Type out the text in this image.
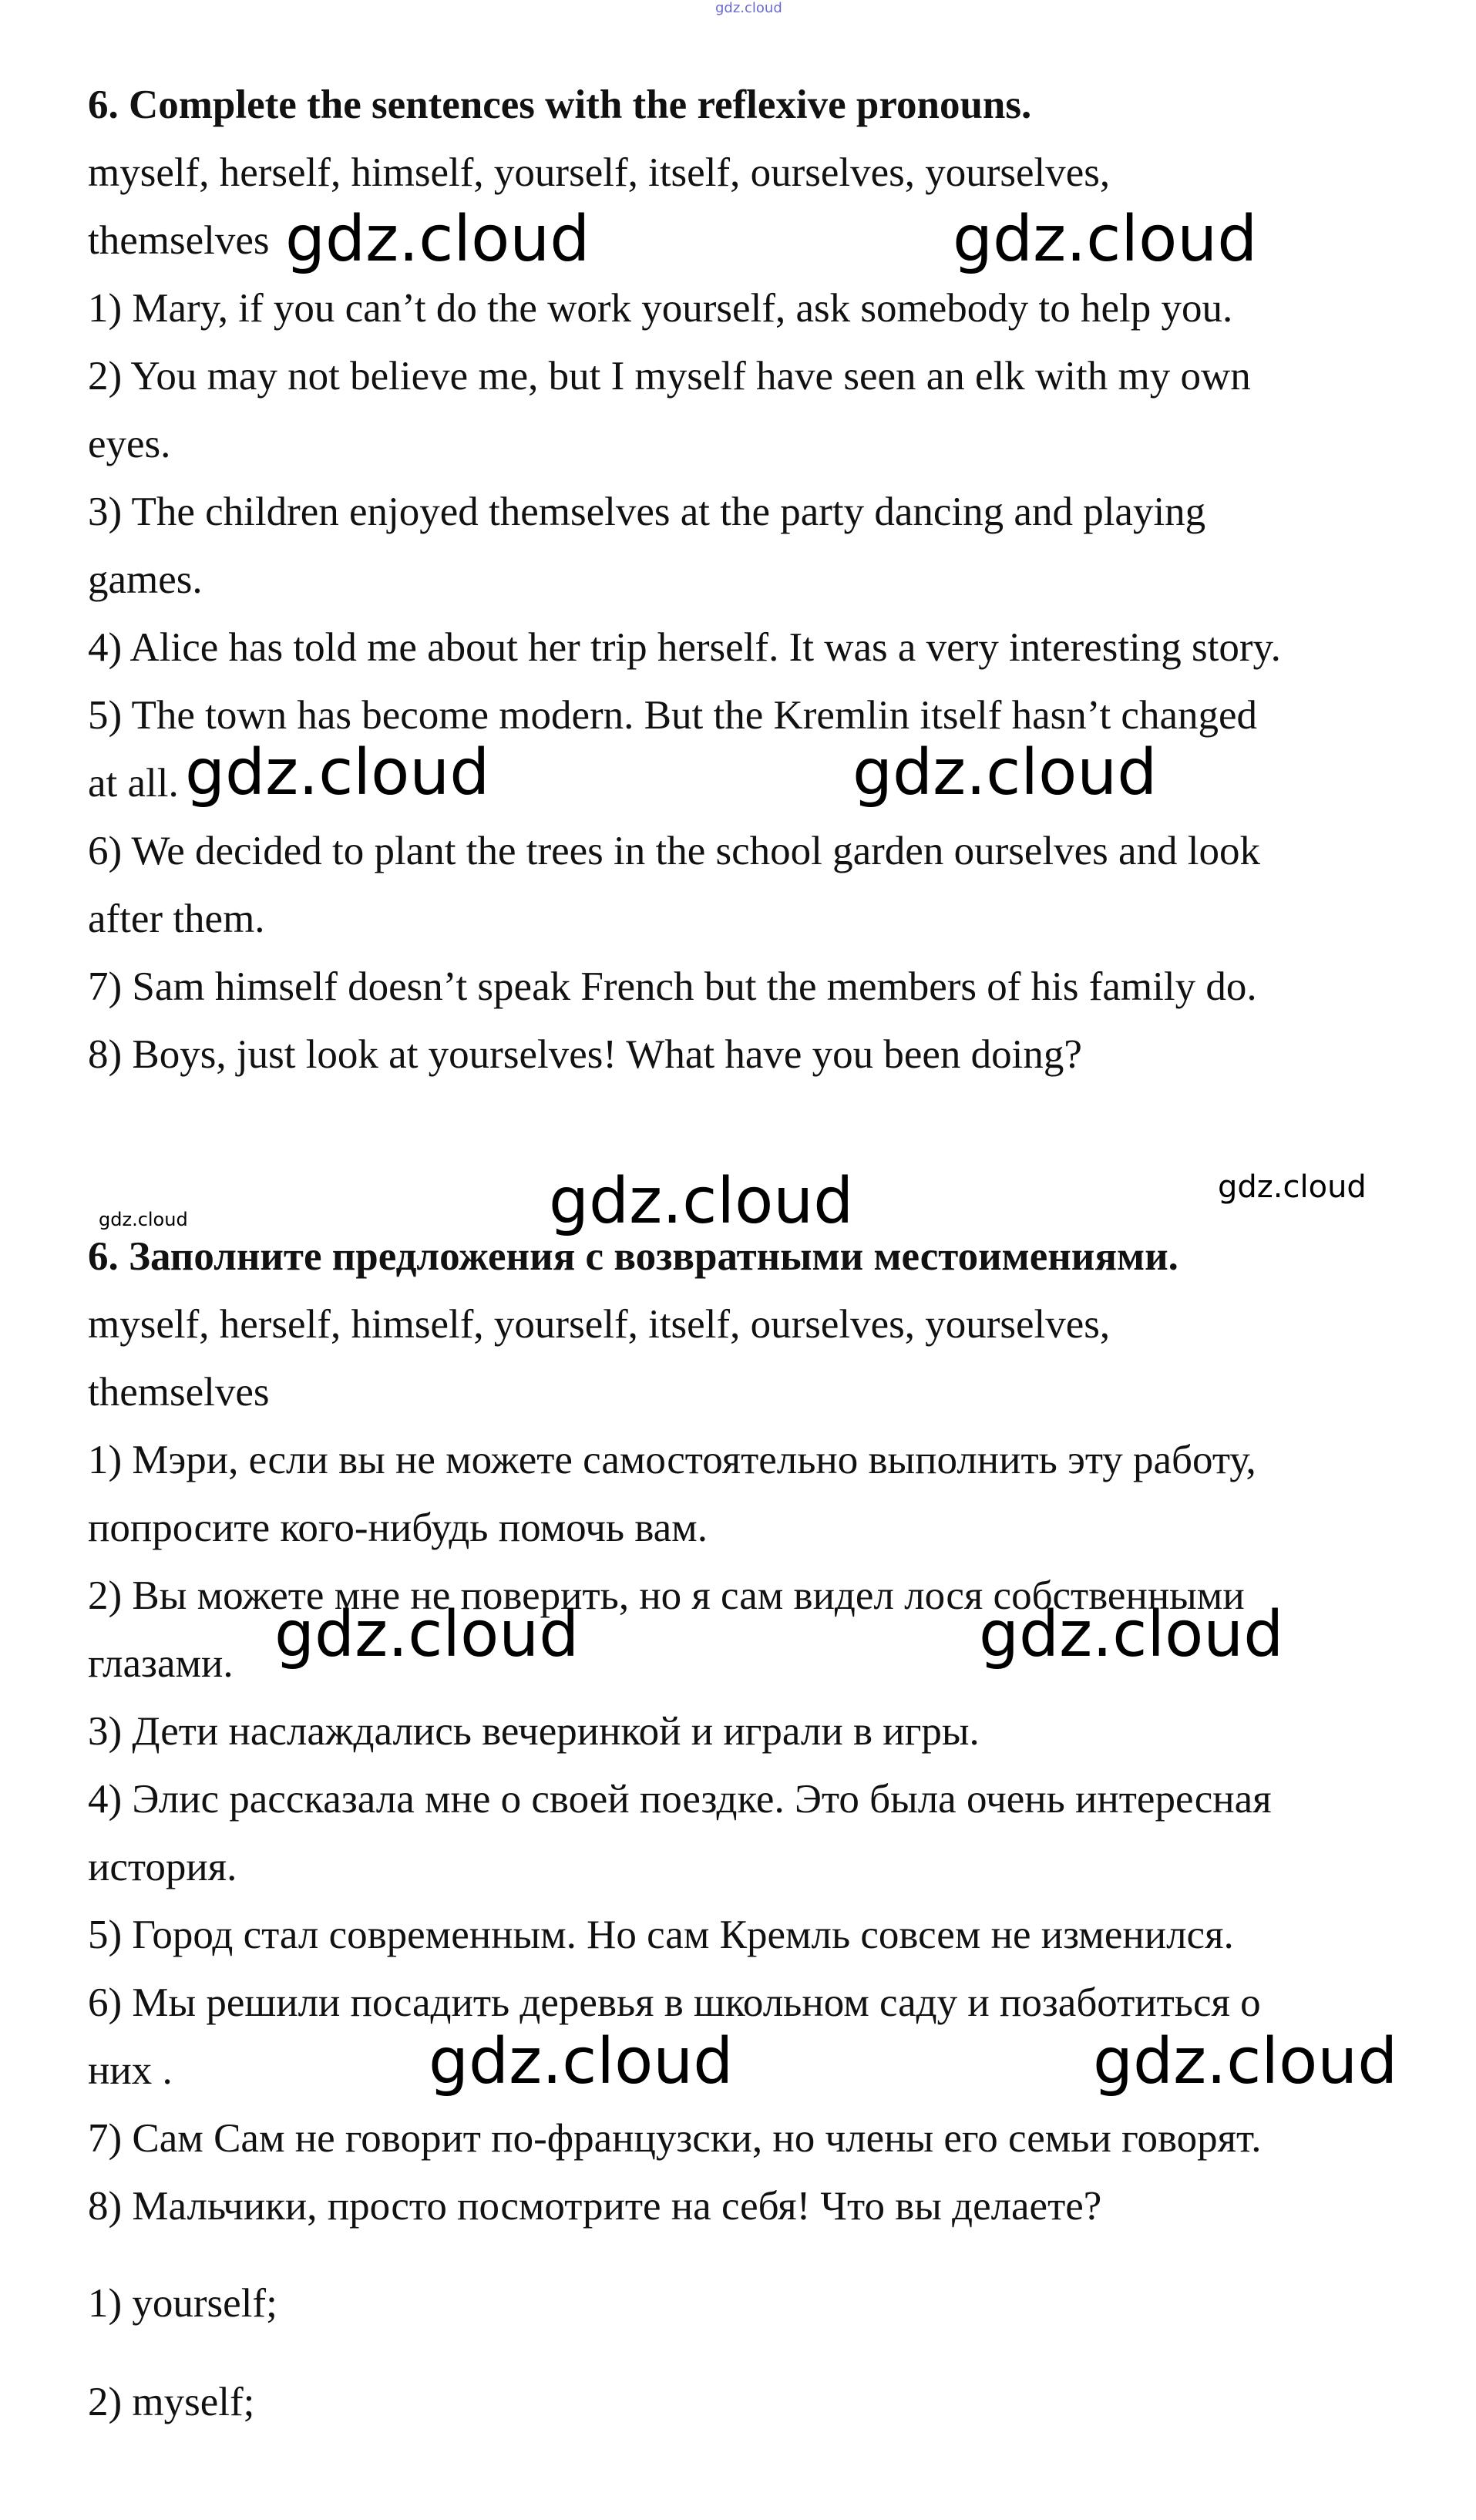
gdz.cloud

6. Complete the sentences with the reflexive pronouns.

myself, herself, himself, yourself, itself, ourselves, yourselves,

themselves

1) Mary, if you can’t do the work yourself, ask somebody to help you.

2) You may not believe me, but I myself have seen an elk with my own

eyes.

3) The children enjoyed themselves at the party dancing and playing

games.

4) Alice has told me about her trip herself. It was a very interesting story.

5) The town has become modern. But the Kremlin itself hasn’t changed

at all.

6) We decided to plant the trees in the school garden ourselves and look

after them.

7) Sam himself doesn’t speak French but the members of his family do.

8) Boys, just look at yourselves! What have you been doing?

6. Заполните предложения с возвратными местоимениями.

myself, herself, himself, yourself, itself, ourselves, yourselves,

themselves

1) Мэри, если вы не можете самостоятельно выполнить эту работу,

попросите кого-нибудь помочь вам.

2) Вы можете мне не поверить, но я сам видел лося собственными

глазами.

3) Дети наслаждались вечеринкой и играли в игры.

4) Элис рассказала мне о своей поездке. Это была очень интересная

история.

5) Город стал современным. Но сам Кремль совсем не изменился.

6) Мы решили посадить деревья в школьном саду и позаботиться о

них .

7) Сам Сам не говорит по-французски, но члены его семьи говорят.

8) Мальчики, просто посмотрите на себя! Что вы делаете?

1) yourself;

2) myself;

gdz.cloud	gdz.cloud

gdz.cloud	gdz.cloud

gdz.cloud	gdz.cloud

gdz.cloud

gdz.cloud	gdz.cloud

gdz.cloud	gdz.cloud
